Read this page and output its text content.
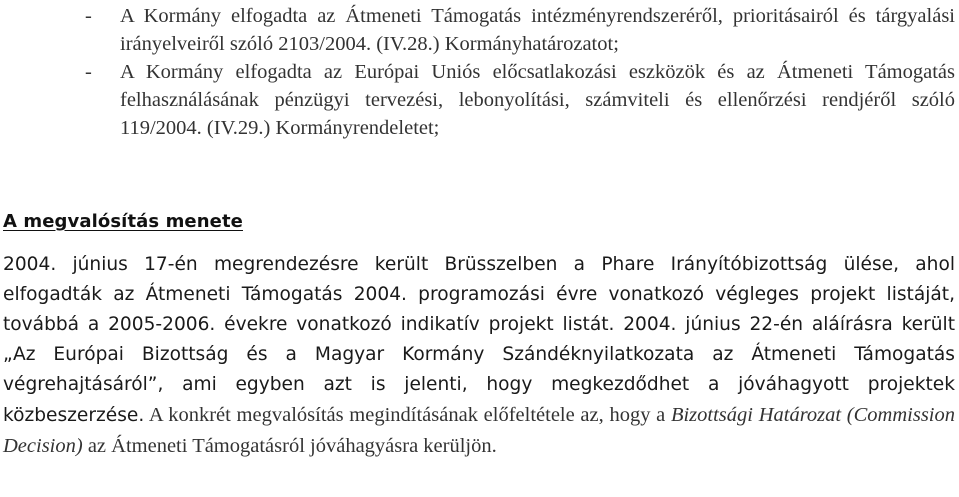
- A Kormány elfogadta az Átmeneti Támogatás intézményrendszeréről, prioritásairól és tárgyalási irányelveiről szóló 2103/2004. (IV.28.) Kormányhatározatot;
- A Kormány elfogadta az Európai Uniós előcsatlakozási eszközök és az Átmeneti Támogatás felhasználásának pénzügyi tervezési, lebonyolítási, számviteli és ellenőrzési rendjéről szóló 119/2004. (IV.29.) Kormányrendeletet;
A megvalósítás menete
2004. június 17-én megrendezésre került Brüsszelben a Phare Irányítóbizottság ülése, ahol elfogadták az Átmeneti Támogatás 2004. programozási évre vonatkozó végleges projekt listáját, továbbá a 2005-2006. évekre vonatkozó indikatív projekt listát. 2004. június 22-én aláírásra került „Az Európai Bizottság és a Magyar Kormány Szándéknyilatkozata az Átmeneti Támogatás végrehajtásáról”, ami egyben azt is jelenti, hogy megkezdődhet a jóváhagyott projektek közbeszerzése. A konkrét megvalósítás megindításának előfeltétele az, hogy a Bizottsági Határozat (Commission Decision) az Átmeneti Támogatásról jóváhagyásra kerüljön.
